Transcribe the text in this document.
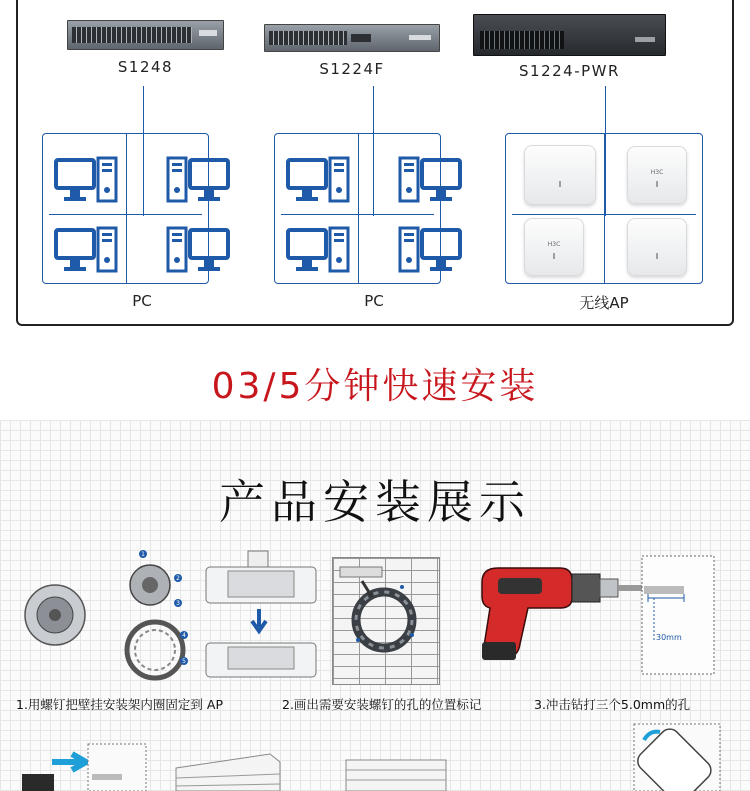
S1248	S1224F	S1224-PWR
H3C
H3C
PC	PC	无线AP
03/5分钟快速安装
产品安装展示
1
2
3
4
5
30mm
1.用螺钉把壁挂安装架内圈固定到 AP	2.画出需要安装螺钉的孔的位置标记	3.冲击钻打三个5.0mm的孔
